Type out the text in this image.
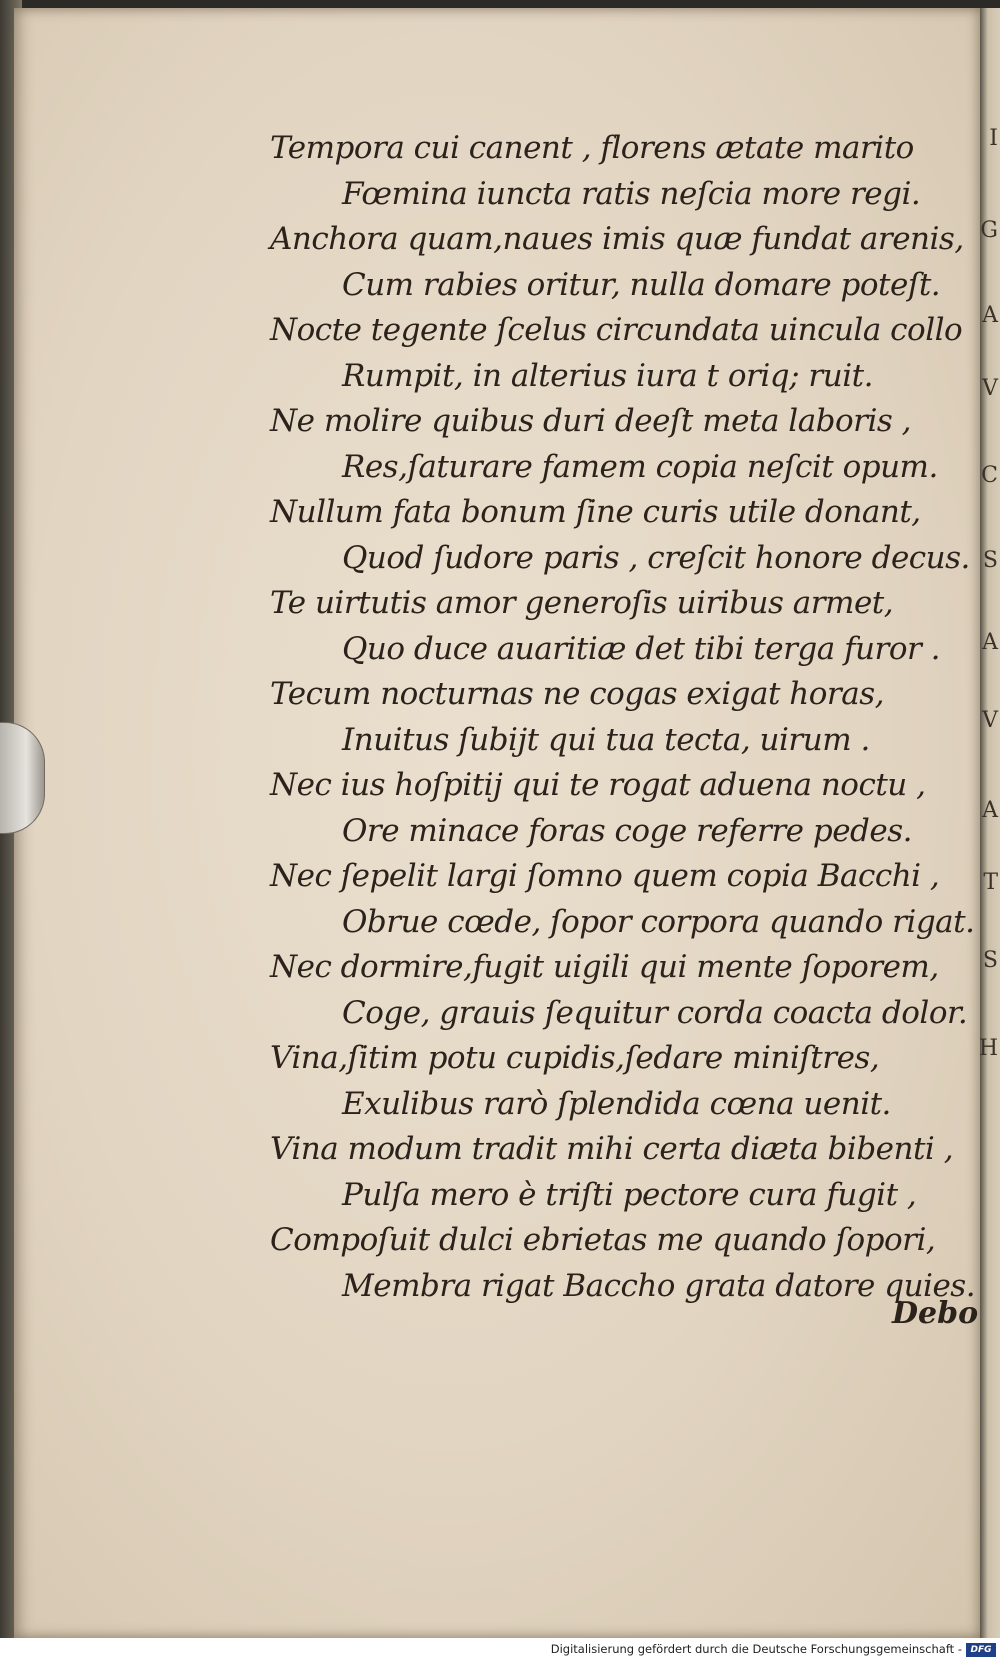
Tempora cui canent , florens ætate marito
Fœmina iuncta ratis neſcia more regi.
Anchora quam,naues imis quæ fundat arenis,
Cum rabies oritur, nulla domare poteſt.
Nocte tegente ſcelus circundata uincula collo
Rumpit, in alterius iura t oriq; ruit.
Ne molire quibus duri deeſt meta laboris ,
Res,ſaturare famem copia neſcit opum.
Nullum fata bonum ſine curis utile donant,
Quod ſudore paris , creſcit honore decus.
Te uirtutis amor generoſis uiribus armet,
Quo duce auaritiæ det tibi terga furor .
Tecum nocturnas ne cogas exigat horas,
Inuitus ſubijt qui tua tecta, uirum .
Nec ius hoſpitij qui te rogat aduena noctu ,
Ore minace foras coge referre pedes.
Nec ſepelit largi ſomno quem copia Bacchi ,
Obrue cœde, ſopor corpora quando rigat.
Nec dormire,fugit uigili qui mente ſoporem,
Coge, grauis ſequitur corda coacta dolor.
Vina,ſitim potu cupidis,ſedare miniſtres,
Exulibus rarò ſplendida cœna uenit.
Vina modum tradit mihi certa diæta bibenti ,
Pulſa mero è triſti pectore cura fugit ,
Compoſuit dulci ebrietas me quando ſopori,
Membra rigat Baccho grata datore quies.
Debo
I
G
A
V
C
S
A
V
A
T
S
H
Digitalisierung gefördert durch die Deutsche Forschungsgemeinschaft - DFG
